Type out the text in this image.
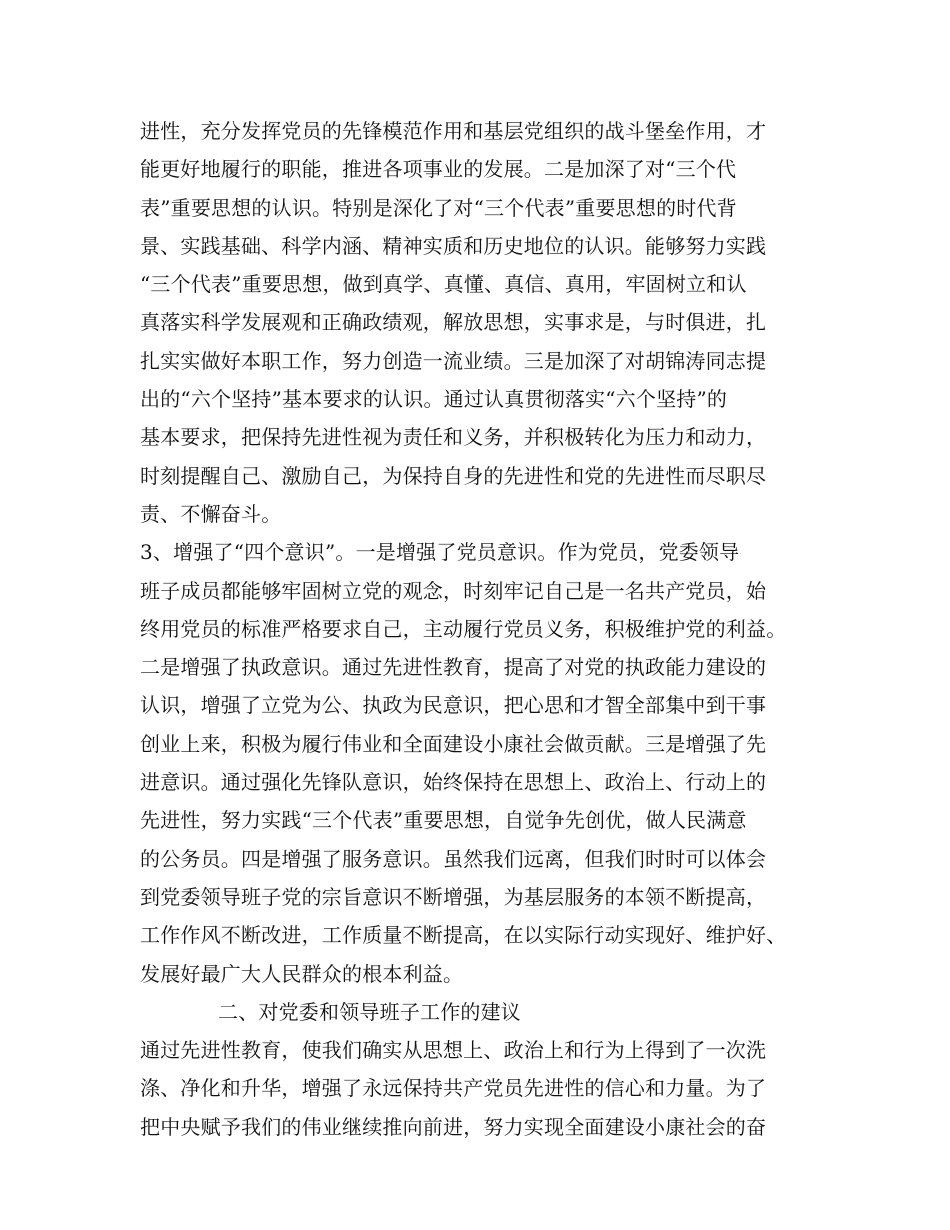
进性，充分发挥党员的先锋模范作用和基层党组织的战斗堡垒作用，才
能更好地履行的职能，推进各项事业的发展。二是加深了对“三个代
表”重要思想的认识。特别是深化了对“三个代表”重要思想的时代背
景、实践基础、科学内涵、精神实质和历史地位的认识。能够努力实践
“三个代表”重要思想，做到真学、真懂、真信、真用，牢固树立和认
真落实科学发展观和正确政绩观，解放思想，实事求是，与时俱进，扎
扎实实做好本职工作，努力创造一流业绩。三是加深了对胡锦涛同志提
出的“六个坚持”基本要求的认识。通过认真贯彻落实“六个坚持”的
基本要求，把保持先进性视为责任和义务，并积极转化为压力和动力，
时刻提醒自己、激励自己，为保持自身的先进性和党的先进性而尽职尽
责、不懈奋斗。
3、增强了“四个意识”。一是增强了党员意识。作为党员，党委领导
班子成员都能够牢固树立党的观念，时刻牢记自己是一名共产党员，始
终用党员的标准严格要求自己，主动履行党员义务，积极维护党的利益。
二是增强了执政意识。通过先进性教育，提高了对党的执政能力建设的
认识，增强了立党为公、执政为民意识，把心思和才智全部集中到干事
创业上来，积极为履行伟业和全面建设小康社会做贡献。三是增强了先
进意识。通过强化先锋队意识，始终保持在思想上、政治上、行动上的
先进性，努力实践“三个代表”重要思想，自觉争先创优，做人民满意
的公务员。四是增强了服务意识。虽然我们远离，但我们时时可以体会
到党委领导班子党的宗旨意识不断增强，为基层服务的本领不断提高，
工作作风不断改进，工作质量不断提高，在以实际行动实现好、维护好、
发展好最广大人民群众的根本利益。
二、对党委和领导班子工作的建议
通过先进性教育，使我们确实从思想上、政治上和行为上得到了一次洗
涤、净化和升华，增强了永远保持共产党员先进性的信心和力量。为了
把中央赋予我们的伟业继续推向前进，努力实现全面建设小康社会的奋
